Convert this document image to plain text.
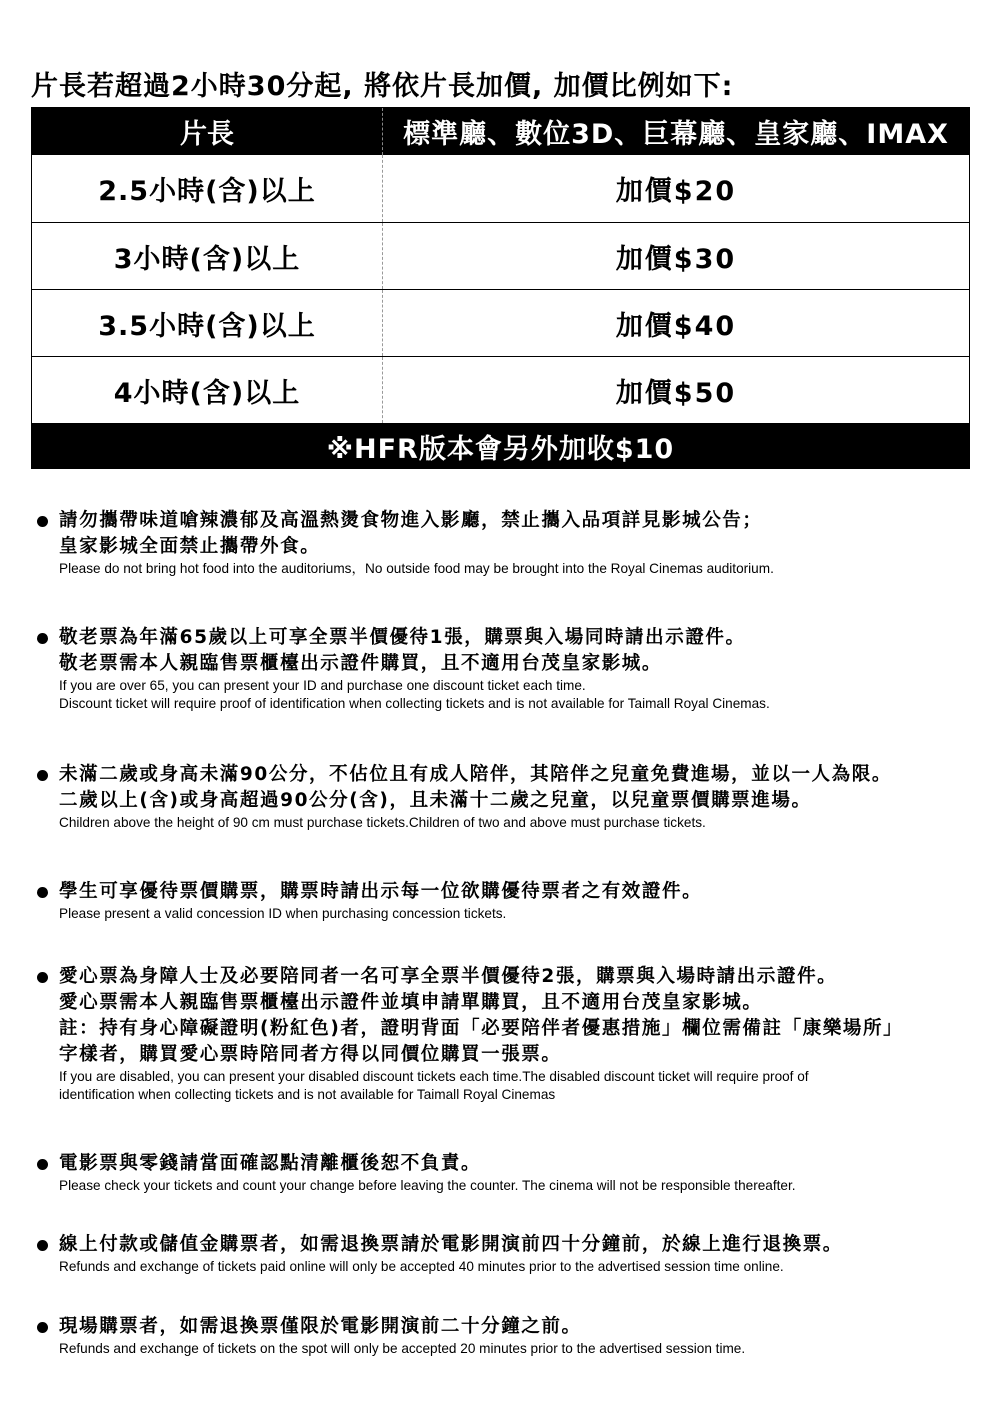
片長若超過2小時30分起, 將依片長加價, 加價比例如下:
片長	標準廳、數位3D、巨幕廳、皇家廳、IMAX
2.5小時(含)以上	加價$20
3小時(含)以上	加價$30
3.5小時(含)以上	加價$40
4小時(含)以上	加價$50
※HFR版本會另外加收$10
請勿攜帶味道嗆辣濃郁及高溫熱燙食物進入影廳，禁止攜入品項詳見影城公告；
皇家影城全面禁止攜帶外食。
Please do not bring hot food into the auditoriums，No outside food may be brought into the Royal Cinemas auditorium.
敬老票為年滿65歲以上可享全票半價優待1張，購票與入場同時請出示證件。
敬老票需本人親臨售票櫃檯出示證件購買，且不適用台茂皇家影城。
If you are over 65, you can present your ID and purchase one discount ticket each time.
Discount ticket will require proof of identification when collecting tickets and is not available for Taimall Royal Cinemas.
未滿二歲或身高未滿90公分，不佔位且有成人陪伴，其陪伴之兒童免費進場，並以一人為限。
二歲以上(含)或身高超過90公分(含)，且未滿十二歲之兒童，以兒童票價購票進場。
Children above the height of 90 cm must purchase tickets.Children of two and above must purchase tickets.
學生可享優待票價購票，購票時請出示每一位欲購優待票者之有效證件。
Please present a valid concession ID when purchasing concession tickets.
愛心票為身障人士及必要陪同者一名可享全票半價優待2張，購票與入場時請出示證件。
愛心票需本人親臨售票櫃檯出示證件並填申請單購買，且不適用台茂皇家影城。
註：持有身心障礙證明(粉紅色)者，證明背面「必要陪伴者優惠措施」欄位需備註「康樂場所」
字樣者，購買愛心票時陪同者方得以同價位購買一張票。
If you are disabled, you can present your disabled discount tickets each time.The disabled discount ticket will require proof of
identification when collecting tickets and is not available for Taimall Royal Cinemas
電影票與零錢請當面確認點清離櫃後恕不負責。
Please check your tickets and count your change before leaving the counter. The cinema will not be responsible thereafter.
線上付款或儲值金購票者，如需退換票請於電影開演前四十分鐘前，於線上進行退換票。
Refunds and exchange of tickets paid online will only be accepted 40 minutes prior to the advertised session time online.
現場購票者，如需退換票僅限於電影開演前二十分鐘之前。
Refunds and exchange of tickets on the spot will only be accepted 20 minutes prior to the advertised session time.
